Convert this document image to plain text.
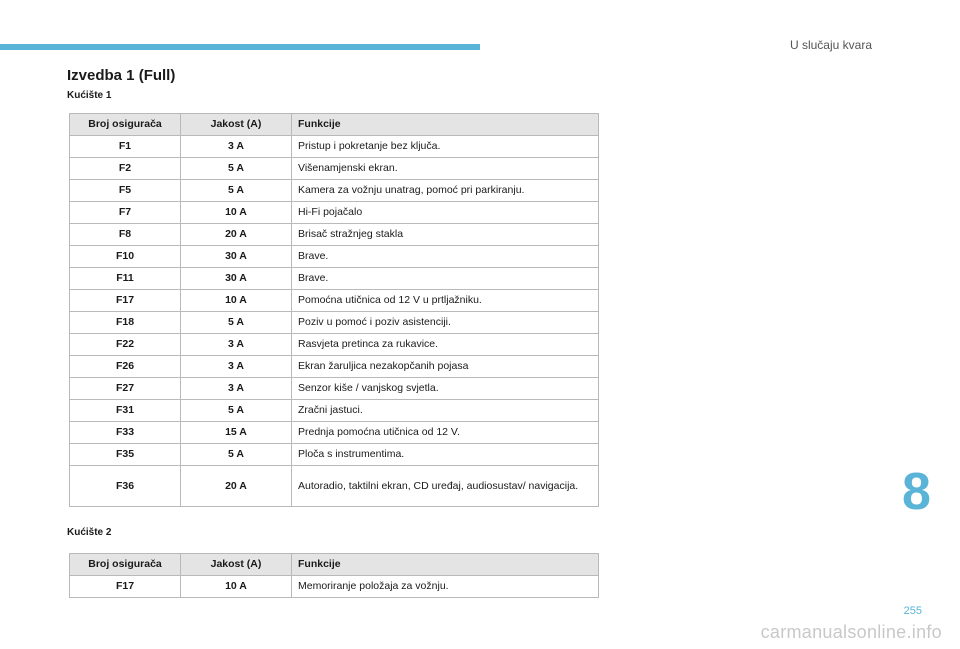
U slučaju kvara
Izvedba 1 (Full)
Kućište 1
Broj osigurača	Jakost (A)	Funkcije
F1	3 A	Pristup i pokretanje bez ključa.
F2	5 A	Višenamjenski ekran.
F5	5 A	Kamera za vožnju unatrag, pomoć pri parkiranju.
F7	10 A	Hi-Fi pojačalo
F8	20 A	Brisač stražnjeg stakla
F10	30 A	Brave.
F11	30 A	Brave.
F17	10 A	Pomoćna utičnica od 12 V u prtljažniku.
F18	5 A	Poziv u pomoć i poziv asistenciji.
F22	3 A	Rasvjeta pretinca za rukavice.
F26	3 A	Ekran žaruljica nezakopčanih pojasa
F27	3 A	Senzor kiše / vanjskog svjetla.
F31	5 A	Zračni jastuci.
F33	15 A	Prednja pomoćna utičnica od 12 V.
F35	5 A	Ploča s instrumentima.
F36	20 A	Autoradio, taktilni ekran, CD uređaj, audiosustav/ navigacija.
Kućište 2
Broj osigurača	Jakost (A)	Funkcije
F17	10 A	Memoriranje položaja za vožnju.
8
255
carmanualsonline.info
